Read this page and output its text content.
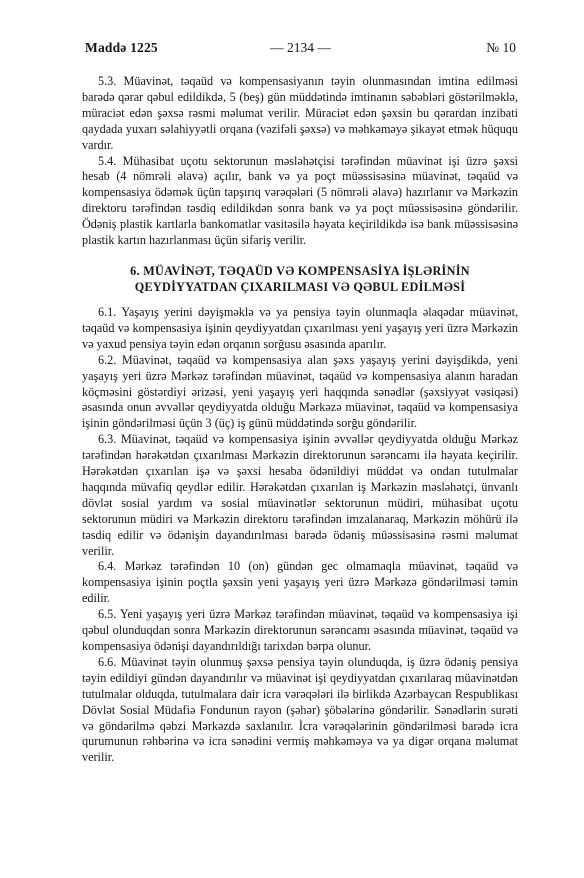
Maddə 1225	— 2134 —	№ 10

5.3. Müavinət, təqaüd və kompensasiyanın təyin olunmasından imtina edilməsi barədə qərar qəbul edildikdə, 5 (beş) gün müddətində imtinanın səbəbləri göstərilməklə, müraciət edən şəxsə rəsmi məlumat verilir. Müraciət edən şəxsin bu qərardan inzibati qaydada yuxarı səlahiyyətli orqana (vəzifəli şəxsə) və məhkəməyə şikayət etmək hüququ vardır.

5.4. Mühasibat uçotu sektorunun məsləhətçisi tərəfindən müavinət işi üzrə şəxsi hesab (4 nömrəli əlavə) açılır, bank və ya poçt müəssisəsinə müavinət, təqaüd və kompensasiya ödəmək üçün tapşırıq vərəqələri (5 nömrəli əlavə) hazırlanır və Mərkəzin direktoru tərəfindən təsdiq edildikdən sonra bank və ya poçt müəssisəsinə göndərilir. Ödəniş plastik kartlarla bankomatlar vasitəsilə həyata keçirildikdə isə bank müəssisəsinə plastik kartın hazırlanması üçün sifariş verilir.

6. MÜAVİNƏT, TƏQAÜD VƏ KOMPENSASİYA İŞLƏRİNİN
QEYDİYYATDAN ÇIXARILMASI VƏ QƏBUL EDİLMƏSİ

6.1. Yaşayış yerini dəyişməklə və ya pensiya təyin olunmaqla əlaqədar müavinət, təqaüd və kompensasiya işinin qeydiyyatdan çıxarılması yeni yaşayış yeri üzrə Mərkəzin və yaxud pensiya təyin edən orqanın sorğusu əsasında aparılır.

6.2. Müavinət, təqaüd və kompensasiya alan şəxs yaşayış yerini dəyişdikdə, yeni yaşayış yeri üzrə Mərkəz tərəfindən müavinət, təqaüd və kompensasiya alanın haradan köçməsini göstərdiyi ərizəsi, yeni yaşayış yeri haqqında sənədlər (şəxsiyyət vəsiqəsi) əsasında onun əvvəllər qeydiyyatda olduğu Mərkəzə müavinət, təqaüd və kompensasiya işinin göndərilməsi üçün 3 (üç) iş günü müddətində sorğu göndərilir.

6.3. Müavinət, təqaüd və kompensasiya işinin əvvəllər qeydiyyatda olduğu Mərkəz tərəfindən hərəkətdən çıxarılması Mərkəzin direktorunun sərəncamı ilə həyata keçirilir. Hərəkətdən çıxarılan işə və şəxsi hesaba ödənildiyi müddət və ondan tutulmalar haqqında müvafiq qeydlər edilir. Hərəkətdən çıxarılan iş Mərkəzin məsləhətçi, ünvanlı dövlət sosial yardım və sosial müavinətlər sektorunun müdiri, mühasibat uçotu sektorunun müdiri və Mərkəzin direktoru tərəfindən imzalanaraq, Mərkəzin möhürü ilə təsdiq edilir və ödənişin dayandırılması barədə ödəniş müəssisəsinə rəsmi məlumat verilir.

6.4. Mərkəz tərəfindən 10 (on) gündən gec olmamaqla müavinət, təqaüd və kompensasiya işinin poçtla şəxsin yeni yaşayış yeri üzrə Mərkəzə göndərilməsi təmin edilir.

6.5. Yeni yaşayış yeri üzrə Mərkəz tərəfindən müavinət, təqaüd və kompensasiya işi qəbul olunduqdan sonra Mərkəzin direktorunun sərəncamı əsasında müavinət, təqaüd və kompensasiya ödənişi dayandırıldığı tarixdən bərpa olunur.

6.6. Müavinət təyin olunmuş şəxsə pensiya təyin olunduqda, iş üzrə ödəniş pensiya təyin edildiyi gündən dayandırılır və müavinət işi qeydiyyatdan çıxarılaraq müavinətdən tutulmalar olduqda, tutulmalara dair icra vərəqələri ilə birlikdə Azərbaycan Respublikası Dövlət Sosial Müdafiə Fondunun rayon (şəhər) şöbələrinə göndərilir. Sənədlərin surəti və göndərilmə qəbzi Mərkəzdə saxlanılır. İcra vərəqələrinin göndərilməsi barədə icra qurumunun rəhbərinə və icra sənədini vermiş məhkəməyə və ya digər orqana məlumat verilir.
